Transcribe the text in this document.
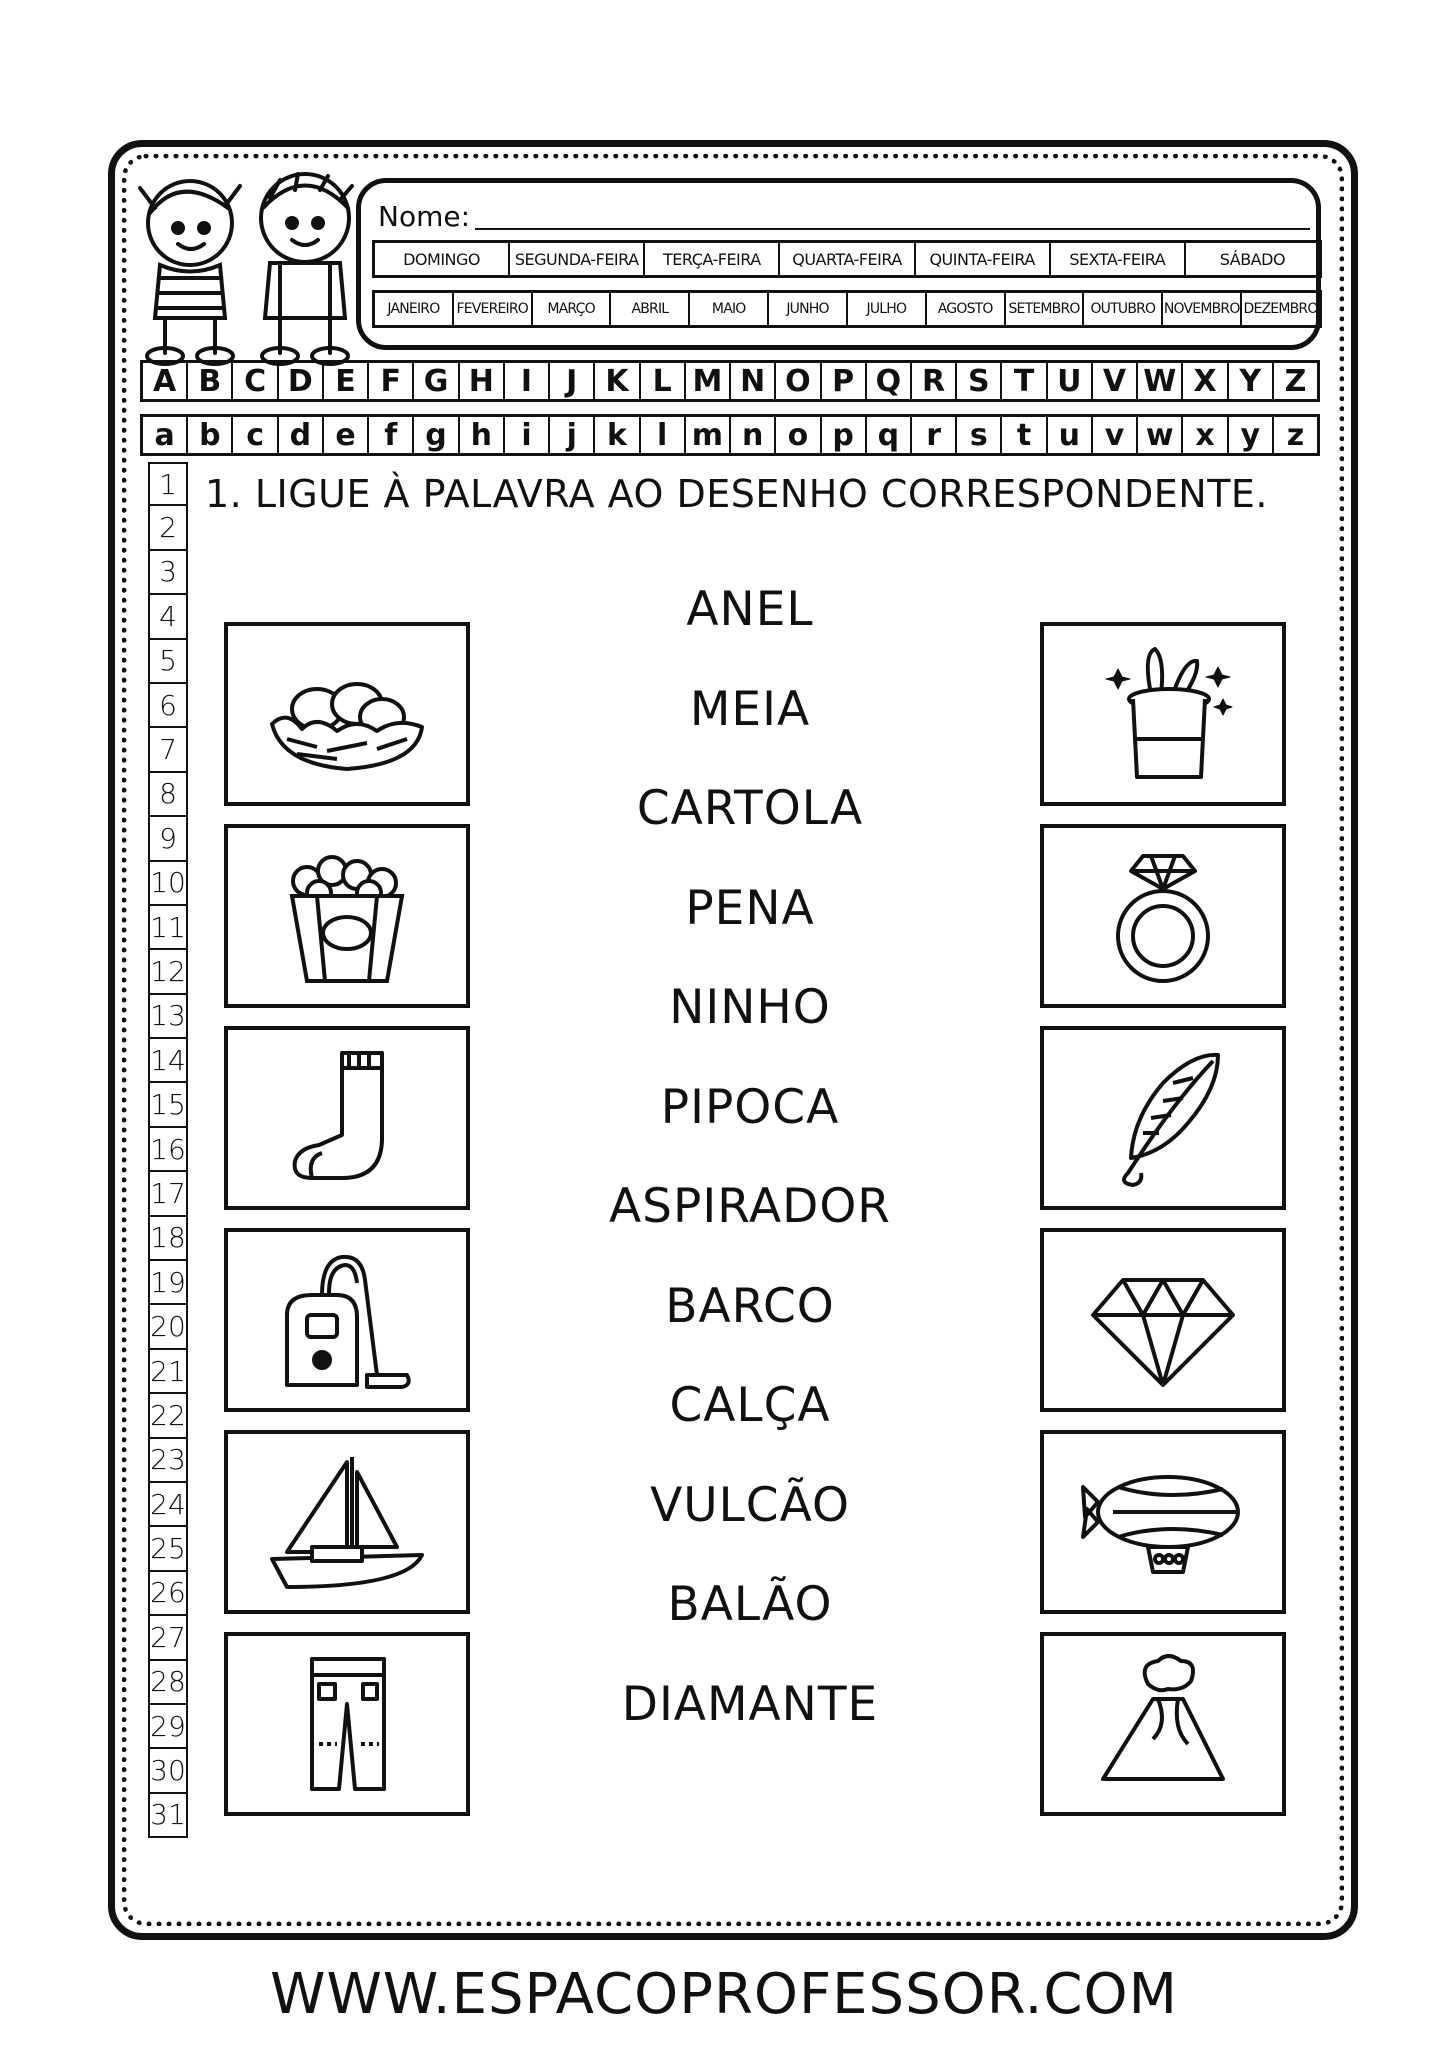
Nome:
DOMINGO	SEGUNDA-FEIRA	TERÇA-FEIRA	QUARTA-FEIRA	QUINTA-FEIRA	SEXTA-FEIRA	SÁBADO
JANEIRO	FEVEREIRO	MARÇO	ABRIL	MAIO	JUNHO	JULHO	AGOSTO	SETEMBRO OUTUBRO NOVEMBRO DEZEMBRO
A B C D E F G H I	J K L M N O P Q R S T U V W X Y Z
a b c d e f g h i	j	k	l m n o p q r s t u v w x y z
1
2
3
4
5
6
7
8
9
10
11
12
13
14
15
16
17
18
19
20
21
22
23
24
25
26
27
28
29
30
31
1. LIGUE À PALAVRA AO DESENHO CORRESPONDENTE.
ANEL
MEIA
CARTOLA
PENA
NINHO
PIPOCA
ASPIRADOR
BARCO
CALÇA
VULCÃO
BALÃO
DIAMANTE
WWW.ESPACOPROFESSOR.COM
